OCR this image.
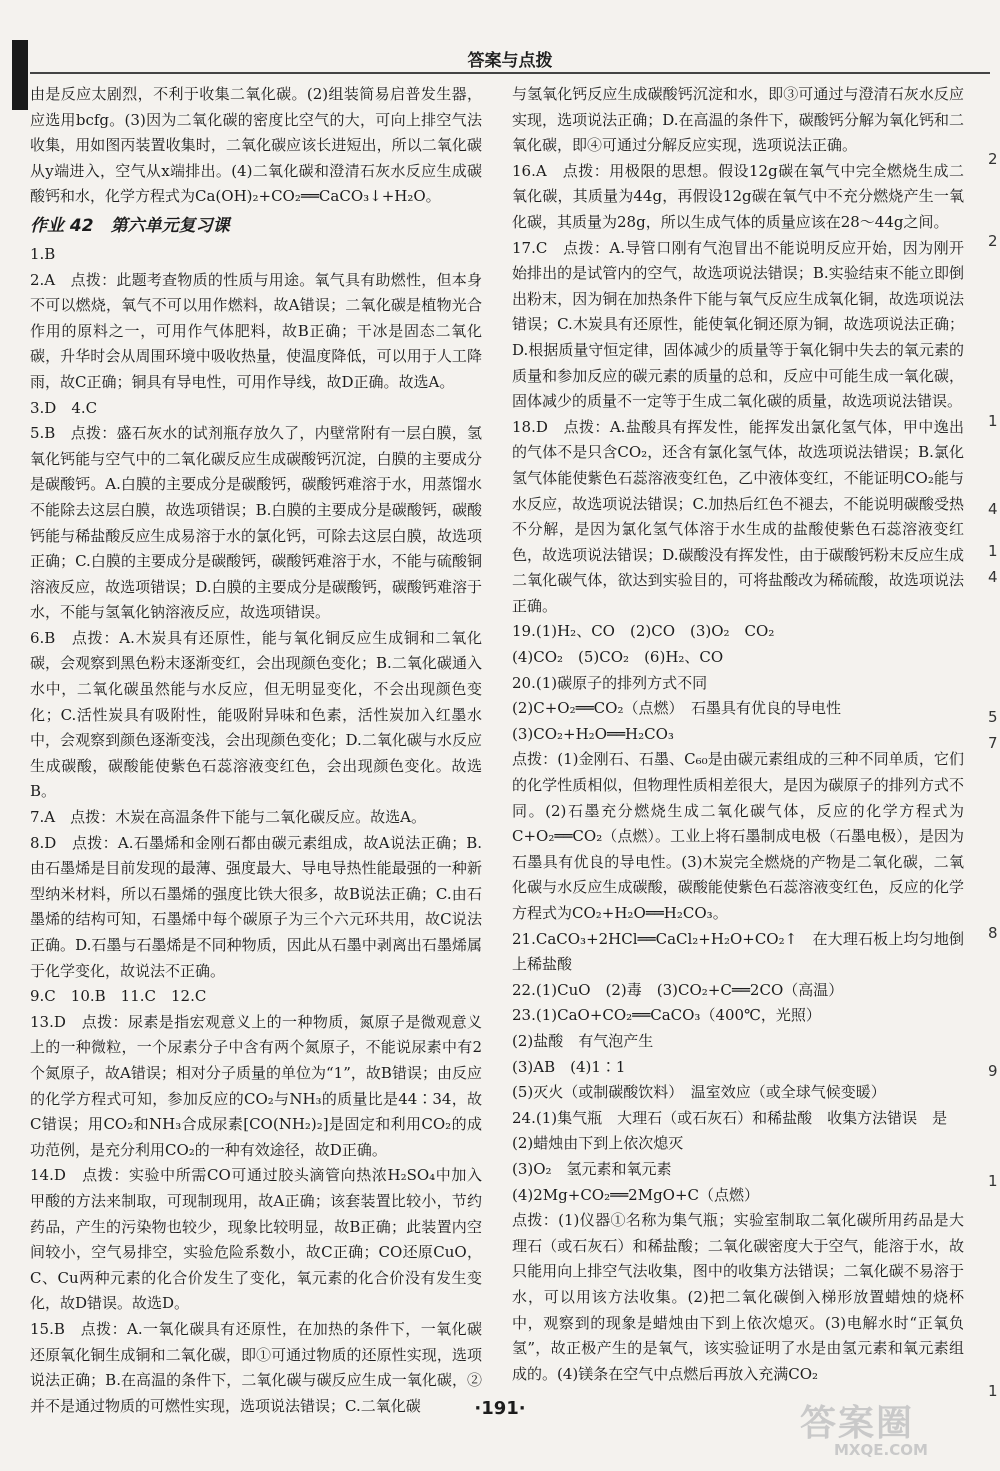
答案与点拨

由是反应太剧烈，不利于收集二氧化碳。(2)组装简易启普发生器，应选用bcfg。(3)因为二氧化碳的密度比空气的大，可向上排空气法收集，用如图丙装置收集时，二氧化碳应该长进短出，所以二氧化碳从y端进入，空气从x端排出。(4)二氧化碳和澄清石灰水反应生成碳酸钙和水，化学方程式为Ca(OH)₂+CO₂══CaCO₃↓+H₂O。

作业 42　第六单元复习课

1.B

2.A　点拨：此题考查物质的性质与用途。氧气具有助燃性，但本身不可以燃烧，氧气不可以用作燃料，故A错误；二氧化碳是植物光合作用的原料之一，可用作气体肥料，故B正确；干冰是固态二氧化碳，升华时会从周围环境中吸收热量，使温度降低，可以用于人工降雨，故C正确；铜具有导电性，可用作导线，故D正确。故选A。

3.D　4.C

5.B　点拨：盛石灰水的试剂瓶存放久了，内壁常附有一层白膜，氢氧化钙能与空气中的二氧化碳反应生成碳酸钙沉淀，白膜的主要成分是碳酸钙。A.白膜的主要成分是碳酸钙，碳酸钙难溶于水，用蒸馏水不能除去这层白膜，故选项错误；B.白膜的主要成分是碳酸钙，碳酸钙能与稀盐酸反应生成易溶于水的氯化钙，可除去这层白膜，故选项正确；C.白膜的主要成分是碳酸钙，碳酸钙难溶于水，不能与硫酸铜溶液反应，故选项错误；D.白膜的主要成分是碳酸钙，碳酸钙难溶于水，不能与氢氧化钠溶液反应，故选项错误。

6.B　点拨：A.木炭具有还原性，能与氧化铜反应生成铜和二氧化碳，会观察到黑色粉末逐渐变红，会出现颜色变化；B.二氧化碳通入水中，二氧化碳虽然能与水反应，但无明显变化，不会出现颜色变化；C.活性炭具有吸附性，能吸附异味和色素，活性炭加入红墨水中，会观察到颜色逐渐变浅，会出现颜色变化；D.二氧化碳与水反应生成碳酸，碳酸能使紫色石蕊溶液变红色，会出现颜色变化。故选B。

7.A　点拨：木炭在高温条件下能与二氧化碳反应。故选A。

8.D　点拨：A.石墨烯和金刚石都由碳元素组成，故A说法正确；B.由石墨烯是目前发现的最薄、强度最大、导电导热性能最强的一种新型纳米材料，所以石墨烯的强度比铁大很多，故B说法正确；C.由石墨烯的结构可知，石墨烯中每个碳原子为三个六元环共用，故C说法正确。D.石墨与石墨烯是不同种物质，因此从石墨中剥离出石墨烯属于化学变化，故说法不正确。

9.C　10.B　11.C　12.C

13.D　点拨：尿素是指宏观意义上的一种物质，氮原子是微观意义上的一种微粒，一个尿素分子中含有两个氮原子，不能说尿素中有2个氮原子，故A错误；相对分子质量的单位为“1”，故B错误；由反应的化学方程式可知，参加反应的CO₂与NH₃的质量比是44∶34，故C错误；用CO₂和NH₃合成尿素[CO(NH₂)₂]是固定和利用CO₂的成功范例，是充分利用CO₂的一种有效途径，故D正确。

14.D　点拨：实验中所需CO可通过胶头滴管向热浓H₂SO₄中加入甲酸的方法来制取，可现制现用，故A正确；该套装置比较小，节约药品，产生的污染物也较少，现象比较明显，故B正确；此装置内空间较小，空气易排空，实验危险系数小，故C正确；CO还原CuO，C、Cu两种元素的化合价发生了变化，氧元素的化合价没有发生变化，故D错误。故选D。

15.B　点拨：A.一氧化碳具有还原性，在加热的条件下，一氧化碳还原氧化铜生成铜和二氧化碳，即①可通过物质的还原性实现，选项说法正确；B.在高温的条件下，二氧化碳与碳反应生成一氧化碳，②并不是通过物质的可燃性实现，选项说法错误；C.二氧化碳

与氢氧化钙反应生成碳酸钙沉淀和水，即③可通过与澄清石灰水反应实现，选项说法正确；D.在高温的条件下，碳酸钙分解为氧化钙和二氧化碳，即④可通过分解反应实现，选项说法正确。

16.A　点拨：用极限的思想。假设12g碳在氧气中完全燃烧生成二氧化碳，其质量为44g，再假设12g碳在氧气中不充分燃烧产生一氧化碳，其质量为28g，所以生成气体的质量应该在28～44g之间。

17.C　点拨：A.导管口刚有气泡冒出不能说明反应开始，因为刚开始排出的是试管内的空气，故选项说法错误；B.实验结束不能立即倒出粉末，因为铜在加热条件下能与氧气反应生成氧化铜，故选项说法错误；C.木炭具有还原性，能使氧化铜还原为铜，故选项说法正确；D.根据质量守恒定律，固体减少的质量等于氧化铜中失去的氧元素的质量和参加反应的碳元素的质量的总和，反应中可能生成一氧化碳，固体减少的质量不一定等于生成二氧化碳的质量，故选项说法错误。

18.D　点拨：A.盐酸具有挥发性，能挥发出氯化氢气体，甲中逸出的气体不是只含CO₂，还含有氯化氢气体，故选项说法错误；B.氯化氢气体能使紫色石蕊溶液变红色，乙中液体变红，不能证明CO₂能与水反应，故选项说法错误；C.加热后红色不褪去，不能说明碳酸受热不分解，是因为氯化氢气体溶于水生成的盐酸使紫色石蕊溶液变红色，故选项说法错误；D.碳酸没有挥发性，由于碳酸钙粉末反应生成二氧化碳气体，欲达到实验目的，可将盐酸改为稀硫酸，故选项说法正确。

19.(1)H₂、CO　(2)CO　(3)O₂　CO₂

(4)CO₂　(5)CO₂　(6)H₂、CO

20.(1)碳原子的排列方式不同

(2)C+O₂══CO₂（点燃）　石墨具有优良的导电性

(3)CO₂+H₂O══H₂CO₃

点拨：(1)金刚石、石墨、C₆₀是由碳元素组成的三种不同单质，它们的化学性质相似，但物理性质相差很大，是因为碳原子的排列方式不同。(2)石墨充分燃烧生成二氧化碳气体，反应的化学方程式为C+O₂══CO₂（点燃）。工业上将石墨制成电极（石墨电极），是因为石墨具有优良的导电性。(3)木炭完全燃烧的产物是二氧化碳，二氧化碳与水反应生成碳酸，碳酸能使紫色石蕊溶液变红色，反应的化学方程式为CO₂+H₂O══H₂CO₃。

21.CaCO₃+2HCl══CaCl₂+H₂O+CO₂↑　在大理石板上均匀地倒上稀盐酸

22.(1)CuO　(2)毒　(3)CO₂+C══2CO（高温）

23.(1)CaO+CO₂══CaCO₃（400℃，光照）

(2)盐酸　有气泡产生

(3)AB　(4)1∶1

(5)灭火（或制碳酸饮料）　温室效应（或全球气候变暖）

24.(1)集气瓶　大理石（或石灰石）和稀盐酸　收集方法错误　是

(2)蜡烛由下到上依次熄灭

(3)O₂　氢元素和氧元素

(4)2Mg+CO₂══2MgO+C（点燃）

点拨：(1)仪器①名称为集气瓶；实验室制取二氧化碳所用药品是大理石（或石灰石）和稀盐酸；二氧化碳密度大于空气，能溶于水，故只能用向上排空气法收集，图中的收集方法错误；二氧化碳不易溶于水，可以用该方法收集。(2)把二氧化碳倒入梯形放置蜡烛的烧杯中，观察到的现象是蜡烛由下到上依次熄灭。(3)电解水时“正氧负氢”，故正极产生的是氧气，该实验证明了水是由氢元素和氧元素组成的。(4)镁条在空气中点燃后再放入充满CO₂

2
2
1
4
1
4
5
7
8
9
1
1
·191·	答案圈
MXQE.COM
